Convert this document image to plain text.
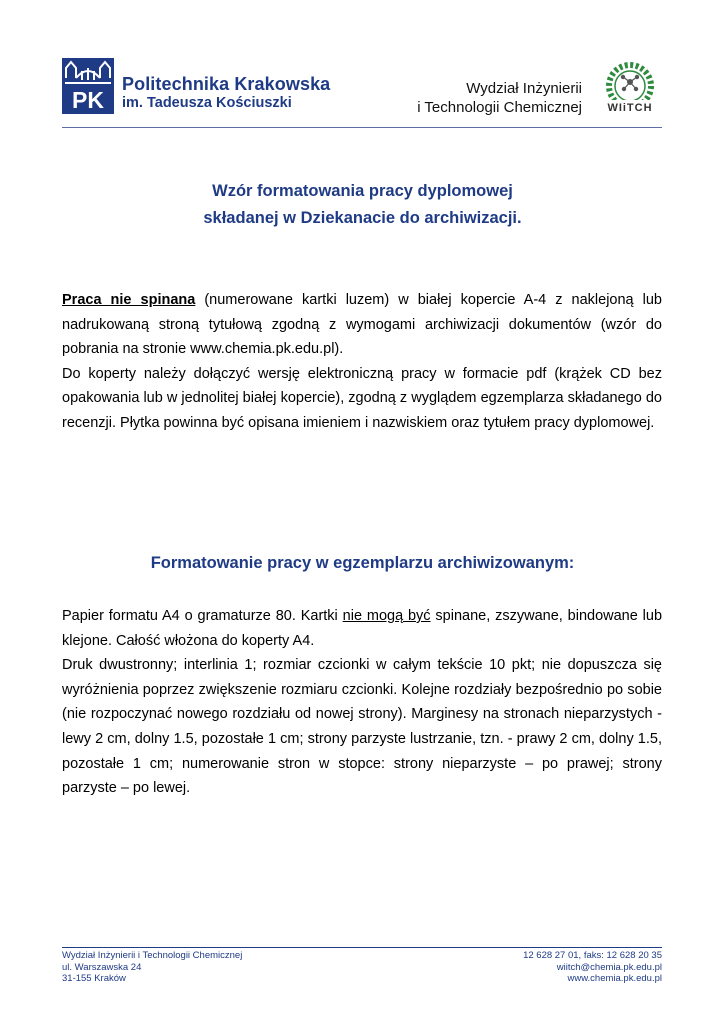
PK
Politechnika Krakowska
im. Tadeusza Kościuszki
Wydział Inżynierii
i Technologii Chemicznej WIiTCH
Wzór formatowania pracy dyplomowej
składanej w Dziekanacie do archiwizacji.
Praca nie spinana (numerowane kartki luzem) w białej kopercie A-4 z naklejoną lub nadrukowaną stroną tytułową zgodną z wymogami archiwizacji dokumentów (wzór do pobrania na stronie www.chemia.pk.edu.pl).
Do koperty należy dołączyć wersję elektroniczną pracy w formacie pdf (krążek CD bez opakowania lub w jednolitej białej kopercie), zgodną z wyglądem egzemplarza składanego do recenzji. Płytka powinna być opisana imieniem i nazwiskiem oraz tytułem pracy dyplomowej.
Formatowanie pracy w egzemplarzu archiwizowanym:
Papier formatu A4 o gramaturze 80. Kartki nie mogą być spinane, zszywane, bindowane lub klejone. Całość włożona do koperty A4.
Druk dwustronny; interlinia 1; rozmiar czcionki w całym tekście 10 pkt; nie dopuszcza się wyróżnienia poprzez zwiększenie rozmiaru czcionki. Kolejne rozdziały bezpośrednio po sobie (nie rozpoczynać nowego rozdziału od nowej strony). Marginesy na stronach nieparzystych - lewy 2 cm, dolny 1.5, pozostałe 1 cm; strony parzyste lustrzanie, tzn. - prawy 2 cm, dolny 1.5, pozostałe 1 cm; numerowanie stron w stopce: strony nieparzyste – po prawej; strony parzyste – po lewej.
Wydział Inżynierii i Technologii Chemicznej
ul. Warszawska 24
31-155 Kraków
12 628 27 01, faks: 12 628 20 35
wiitch@chemia.pk.edu.pl
www.chemia.pk.edu.pl
